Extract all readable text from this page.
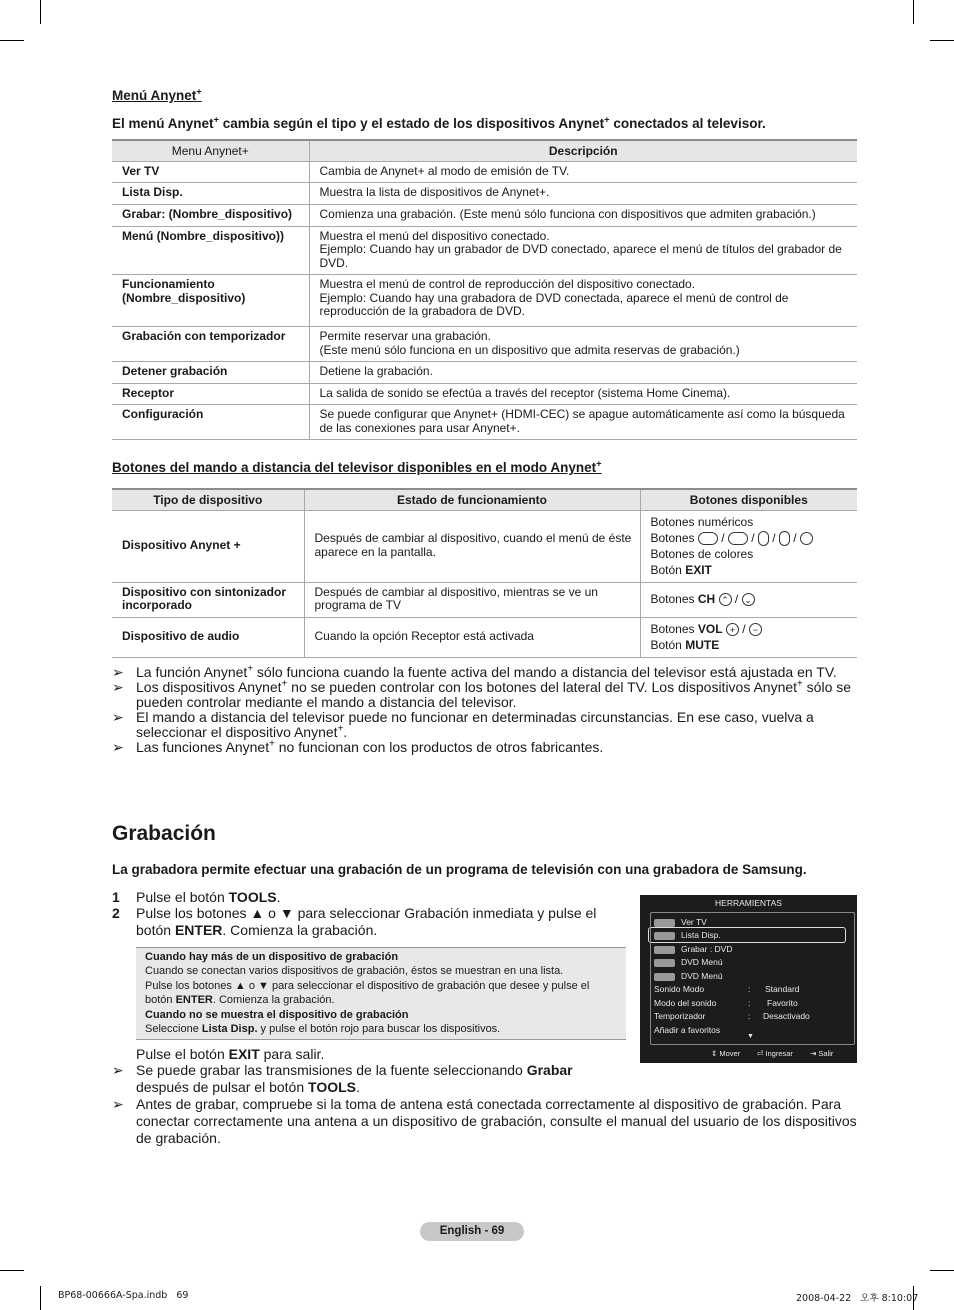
Menú Anynet+
El menú Anynet+ cambia según el tipo y el estado de los dispositivos Anynet+ conectados al televisor.
Menu Anynet+	Descripción
Ver TV	Cambia de Anynet+ al modo de emisión de TV.
Lista Disp.	Muestra la lista de dispositivos de Anynet+.
Grabar: (Nombre_dispositivo)	Comienza una grabación. (Este menú sólo funciona con dispositivos que admiten grabación.)
Menú (Nombre_dispositivo))	Muestra el menú del dispositivo conectado.
Ejemplo: Cuando hay un grabador de DVD conectado, aparece el menú de títulos del grabador de DVD.
Funcionamiento
(Nombre_dispositivo)	Muestra el menú de control de reproducción del dispositivo conectado.
Ejemplo: Cuando hay una grabadora de DVD conectada, aparece el menú de control de reproducción de la grabadora de DVD.
Grabación con temporizador	Permite reservar una grabación.
(Este menú sólo funciona en un dispositivo que admita reservas de grabación.)
Detener grabación	Detiene la grabación.
Receptor	La salida de sonido se efectúa a través del receptor (sistema Home Cinema).
Configuración	Se puede configurar que Anynet+ (HDMI-CEC) se apague automáticamente así como la búsqueda de las conexiones para usar Anynet+.
Botones del mando a distancia del televisor disponibles en el modo Anynet+
Tipo de dispositivo	Estado de funcionamiento	Botones disponibles
Dispositivo Anynet +	Después de cambiar al dispositivo, cuando el menú de éste aparece en la pantalla.	Botones numéricos
Botones  /  /  /  /
Botones de colores
Botón EXIT

Dispositivo con sintonizador
incorporado	Después de cambiar al dispositivo, mientras se ve un programa de TV	Botones CH ⌃ / ⌄
Dispositivo de audio	Cuando la opción Receptor está activada	Botones VOL + / −
Botón MUTE

➢ La función Anynet+ sólo funciona cuando la fuente activa del mando a distancia del televisor está ajustada en TV.

➢ Los dispositivos Anynet+ no se pueden controlar con los botones del lateral del TV. Los dispositivos Anynet+ sólo se pueden controlar mediante el mando a distancia del televisor.

➢ El mando a distancia del televisor puede no funcionar en determinadas circunstancias. En ese caso, vuelva a seleccionar el dispositivo Anynet+.

➢ Las funciones Anynet+ no funcionan con los productos de otros fabricantes.

Grabación
La grabadora permite efectuar una grabación de un programa de televisión con una grabadora de Samsung.
1 Pulse el botón TOOLS.
2 Pulse los botones ▲ o ▼ para seleccionar Grabación inmediata y pulse el botón ENTER. Comienza la grabación.
Cuando hay más de un dispositivo de grabación
Cuando se conectan varios dispositivos de grabación, éstos se muestran en una lista.
Pulse los botones ▲ o ▼ para seleccionar el dispositivo de grabación que desee y pulse el botón ENTER. Comienza la grabación.
Cuando no se muestra el dispositivo de grabación
Seleccione Lista Disp. y pulse el botón rojo para buscar los dispositivos.
Pulse el botón EXIT para salir.

➢ Se puede grabar las transmisiones de la fuente seleccionando Grabar después de pulsar el botón TOOLS.

➢ Antes de grabar, compruebe si la toma de antena está conectada correctamente al dispositivo de grabación. Para conectar correctamente una antena a un dispositivo de grabación, consulte el manual del usuario de los dispositivos de grabación.

HERRAMIENTAS
Ver TV
Lista Disp.
Grabar : DVD
DVD Menú
DVD Menú
Sonido Modo	: Standard
Modo del sonido	: Favorito
Temporizador	: Desactivado
Añadir a favoritos
▼
⇕ Mover ⏎ Ingresar ⇥ Salir
English - 69
BP68-00666A-Spa.indb   69	2008-04-22   오후 8:10:07
